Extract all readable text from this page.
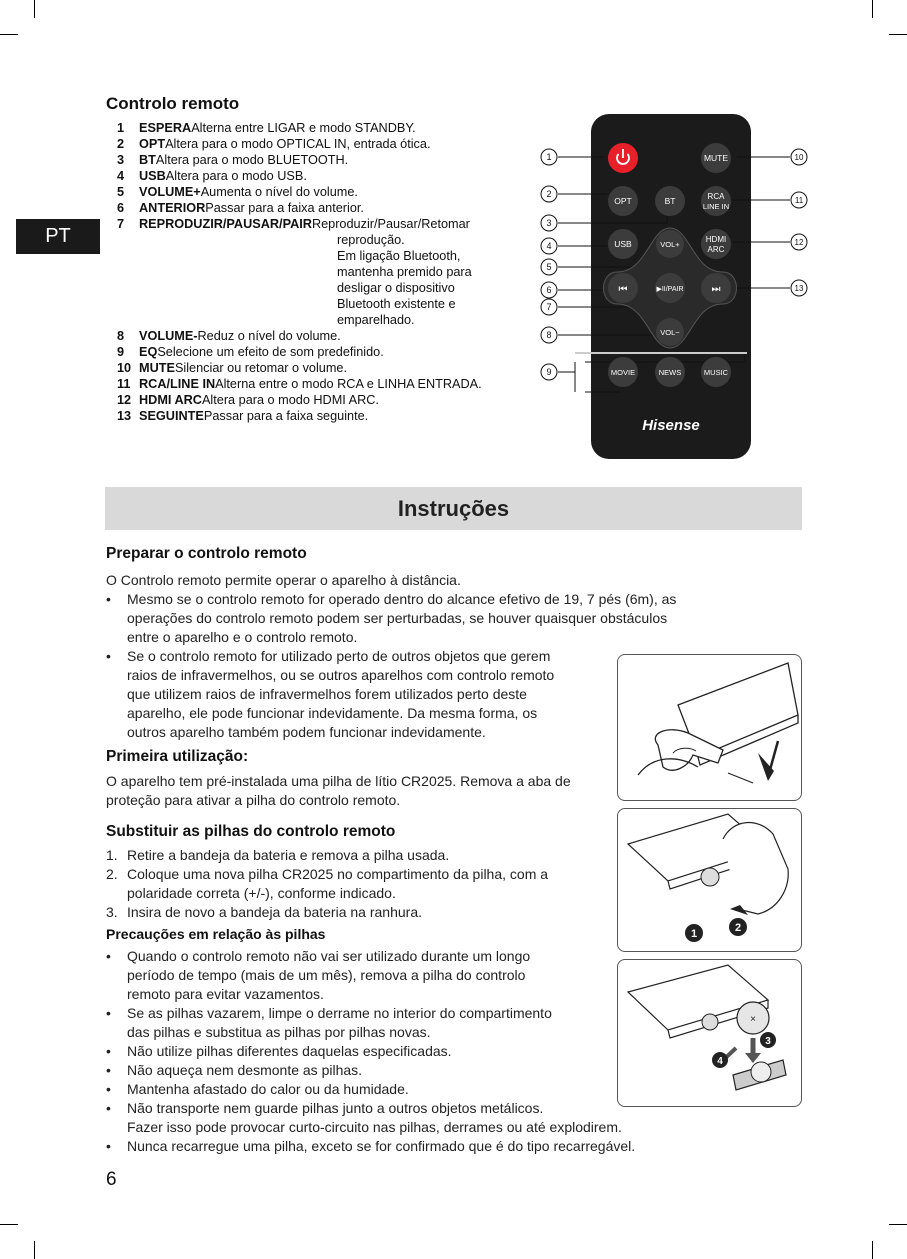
PT
Controlo remoto
1	ESPERA Alterna entre LIGAR e modo STANDBY.
2	OPT Altera para o modo OPTICAL IN, entrada ótica.
3	BT Altera para o modo BLUETOOTH.
4	USB Altera para o modo USB.
5	VOLUME+ Aumenta o nível do volume.
6	ANTERIOR Passar para a faixa anterior.
7	REPRODUZIR/PAUSAR/PAIR Reproduzir/Pausar/Retomar
reprodução.
Em ligação Bluetooth,
mantenha premido para
desligar o dispositivo
Bluetooth existente e
emparelhado.
8	VOLUME- Reduz o nível do volume.
9	EQ Selecione um efeito de som predefinido.
10 MUTE Silenciar ou retomar o volume.
11 RCA/LINE IN Alterna entre o modo RCA e LINHA ENTRADA.
12 HDMI ARC Altera para o modo HDMI ARC.
13 SEGUINTE Passar para a faixa seguinte.
MUTE
OPT	BT	RCA
LINE IN
USB	HDMI
ARC
VOL+
⏮	▶II/PAIR	⏭
VOL−
MOVIE	NEWS	MUSIC
Hisense
1
2
3
4
5
6
7
8
9
10
11
12
13
Instruções
Preparar o controlo remoto
O Controlo remoto permite operar o aparelho à distância.
• Mesmo se o controlo remoto for operado dentro do alcance efetivo de 19, 7 pés (6m), as
operações do controlo remoto podem ser perturbadas, se houver quaisquer obstáculos
entre o aparelho e o controlo remoto.
• Se o controlo remoto for utilizado perto de outros objetos que gerem
raios de infravermelhos, ou se outros aparelhos com controlo remoto
que utilizem raios de infravermelhos forem utilizados perto deste
aparelho, ele pode funcionar indevidamente. Da mesma forma, os
outros aparelho também podem funcionar indevidamente.
Primeira utilização:
O aparelho tem pré-instalada uma pilha de lítio CR2025. Remova a aba de
proteção para ativar a pilha do controlo remoto.
Substituir as pilhas do controlo remoto
1. Retire a bandeja da bateria e remova a pilha usada.
2. Coloque uma nova pilha CR2025 no compartimento da pilha, com a
polaridade correta (+/-), conforme indicado.
3. Insira de novo a bandeja da bateria na ranhura.
Precauções em relação às pilhas
• Quando o controlo remoto não vai ser utilizado durante um longo
período de tempo (mais de um mês), remova a pilha do controlo
remoto para evitar vazamentos.
• Se as pilhas vazarem, limpe o derrame no interior do compartimento
das pilhas e substitua as pilhas por pilhas novas.
• Não utilize pilhas diferentes daquelas especificadas.
• Não aqueça nem desmonte as pilhas.
• Mantenha afastado do calor ou da humidade.
• Não transporte nem guarde pilhas junto a outros objetos metálicos.
Fazer isso pode provocar curto-circuito nas pilhas, derrames ou até explodirem.
• Nunca recarregue uma pilha, exceto se for confirmado que é do tipo recarregável.
1	2
×
3
4
6
